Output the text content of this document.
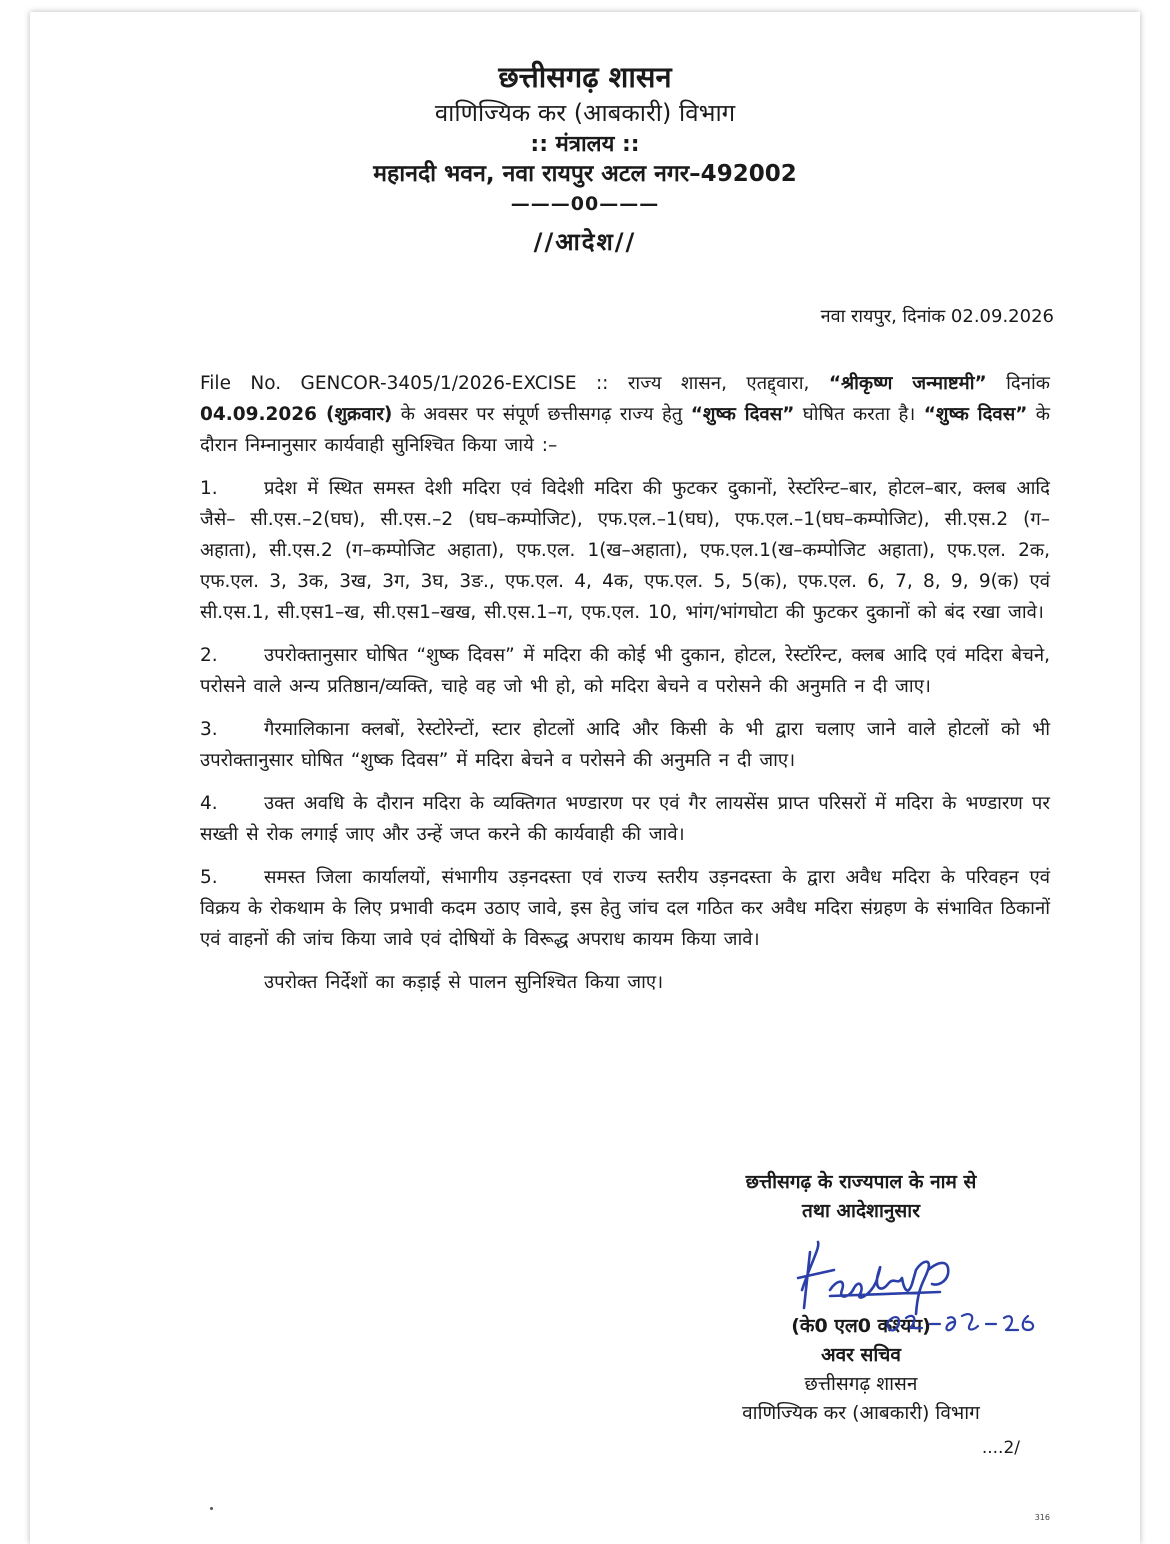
छत्तीसगढ़ शासन
वाणिज्यिक कर (आबकारी) विभाग
:: मंत्रालय ::
महानदी भवन, नवा रायपुर अटल नगर–492002
———00———
//आदेश//
नवा रायपुर, दिनांक 02.09.2026

File No. GENCOR-3405/1/2026-EXCISE :: राज्य शासन, एतद्द्वारा, “श्रीकृष्ण जन्माष्टमी” दिनांक 04.09.2026 (शुक्रवार) के अवसर पर संपूर्ण छत्तीसगढ़ राज्य हेतु “शुष्क दिवस” घोषित करता है। “शुष्क दिवस” के दौरान निम्नानुसार कार्यवाही सुनिश्चित किया जाये :–

1.	प्रदेश में स्थित समस्त देशी मदिरा एवं विदेशी मदिरा की फुटकर दुकानों, रेस्टॉरेन्ट–बार, होटल–बार, क्लब आदि जैसे– सी.एस.–2(घघ), सी.एस.–2 (घघ–कम्पोजिट), एफ.एल.–1(घघ), एफ.एल.–1(घघ–कम्पोजिट), सी.एस.2 (ग–अहाता), सी.एस.2 (ग–कम्पोजिट अहाता), एफ.एल. 1(ख–अहाता), एफ.एल.1(ख–कम्पोजिट अहाता), एफ.एल. 2क, एफ.एल. 3, 3क, 3ख, 3ग, 3घ, 3ङ., एफ.एल. 4, 4क, एफ.एल. 5, 5(क), एफ.एल. 6, 7, 8, 9, 9(क) एवं सी.एस.1, सी.एस1–ख, सी.एस1–खख, सी.एस.1–ग, एफ.एल. 10, भांग/भांगघोटा की फुटकर दुकानों को बंद रखा जावे।

2.	उपरोक्तानुसार घोषित “शुष्क दिवस” में मदिरा की कोई भी दुकान, होटल, रेस्टॉरेन्ट, क्लब आदि एवं मदिरा बेचने, परोसने वाले अन्य प्रतिष्ठान/व्यक्ति, चाहे वह जो भी हो, को मदिरा बेचने व परोसने की अनुमति न दी जाए।

3.	गैरमालिकाना क्लबों, रेस्टोरेन्टों, स्टार होटलों आदि और किसी के भी द्वारा चलाए जाने वाले होटलों को भी उपरोक्तानुसार घोषित “शुष्क दिवस” में मदिरा बेचने व परोसने की अनुमति न दी जाए।

4.	उक्त अवधि के दौरान मदिरा के व्यक्तिगत भण्डारण पर एवं गैर लायसेंस प्राप्त परिसरों में मदिरा के भण्डारण पर सख्ती से रोक लगाई जाए और उन्हें जप्त करने की कार्यवाही की जावे।

5.	समस्त जिला कार्यालयों, संभागीय उड़नदस्ता एवं राज्य स्तरीय उड़नदस्ता के द्वारा अवैध मदिरा के परिवहन एवं विक्रय के रोकथाम के लिए प्रभावी कदम उठाए जावे, इस हेतु जांच दल गठित कर अवैध मदिरा संग्रहण के संभावित ठिकानों एवं वाहनों की जांच किया जावे एवं दोषियों के विरूद्ध अपराध कायम किया जावे।

उपरोक्त निर्देशों का कड़ाई से पालन सुनिश्चित किया जाए।

छत्तीसगढ़ के राज्यपाल के नाम से
तथा आदेशानुसार
(के0 एल0 कश्यप)
अवर सचिव
छत्तीसगढ़ शासन
वाणिज्यिक कर (आबकारी) विभाग
....2/
316
